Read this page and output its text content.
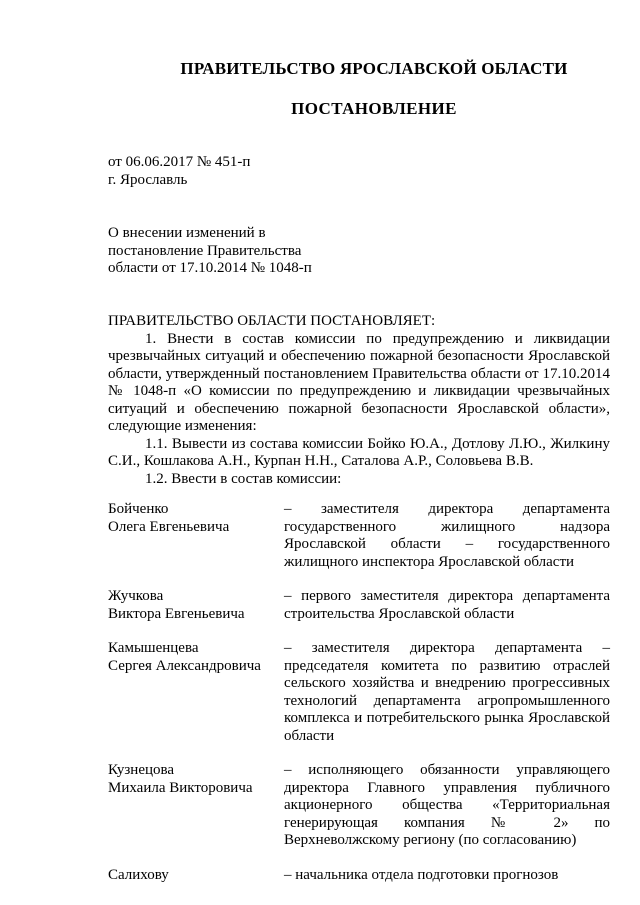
ПРАВИТЕЛЬСТВО ЯРОСЛАВСКОЙ ОБЛАСТИ
ПОСТАНОВЛЕНИЕ
от 06.06.2017 № 451-п
г. Ярославль
О внесении изменений в
постановление Правительства
области от 17.10.2014 № 1048-п

ПРАВИТЕЛЬСТВО ОБЛАСТИ ПОСТАНОВЛЯЕТ:

1. Внести в состав комиссии по предупреждению и ликвидации чрезвычайных ситуаций и обеспечению пожарной безопасности Ярославской области, утвержденный постановлением Правительства области от 17.10.2014 № 1048-п «О комиссии по предупреждению и ликвидации чрезвычайных ситуаций и обеспечению пожарной безопасности Ярославской области», следующие изменения:

1.1. Вывести из состава комиссии Бойко Ю.А., Дотлову Л.Ю., Жилкину С.И., Кошлакова А.Н., Курпан Н.Н., Саталова А.Р., Соловьева В.В.

1.2. Ввести в состав комиссии:

Бойченко
Олега Евгеньевича
– заместителя директора департамента государственного жилищного надзора Ярославской области – государственного жилищного инспектора Ярославской области
Жучкова
Виктора Евгеньевича
– первого заместителя директора департамента строительства Ярославской области
Камышенцева
Сергея Александровича
– заместителя директора департамента – председателя комитета по развитию отраслей сельского хозяйства и внедрению прогрессивных технологий департамента агропромышленного комплекса и потребительского рынка Ярославской области
Кузнецова
Михаила Викторовича
– исполняющего обязанности управляющего директора Главного управления публичного акционерного общества «Территориальная генерирующая компания № 2» по Верхневолжскому региону (по согласованию)
Салихову	– начальника отдела подготовки прогнозов
